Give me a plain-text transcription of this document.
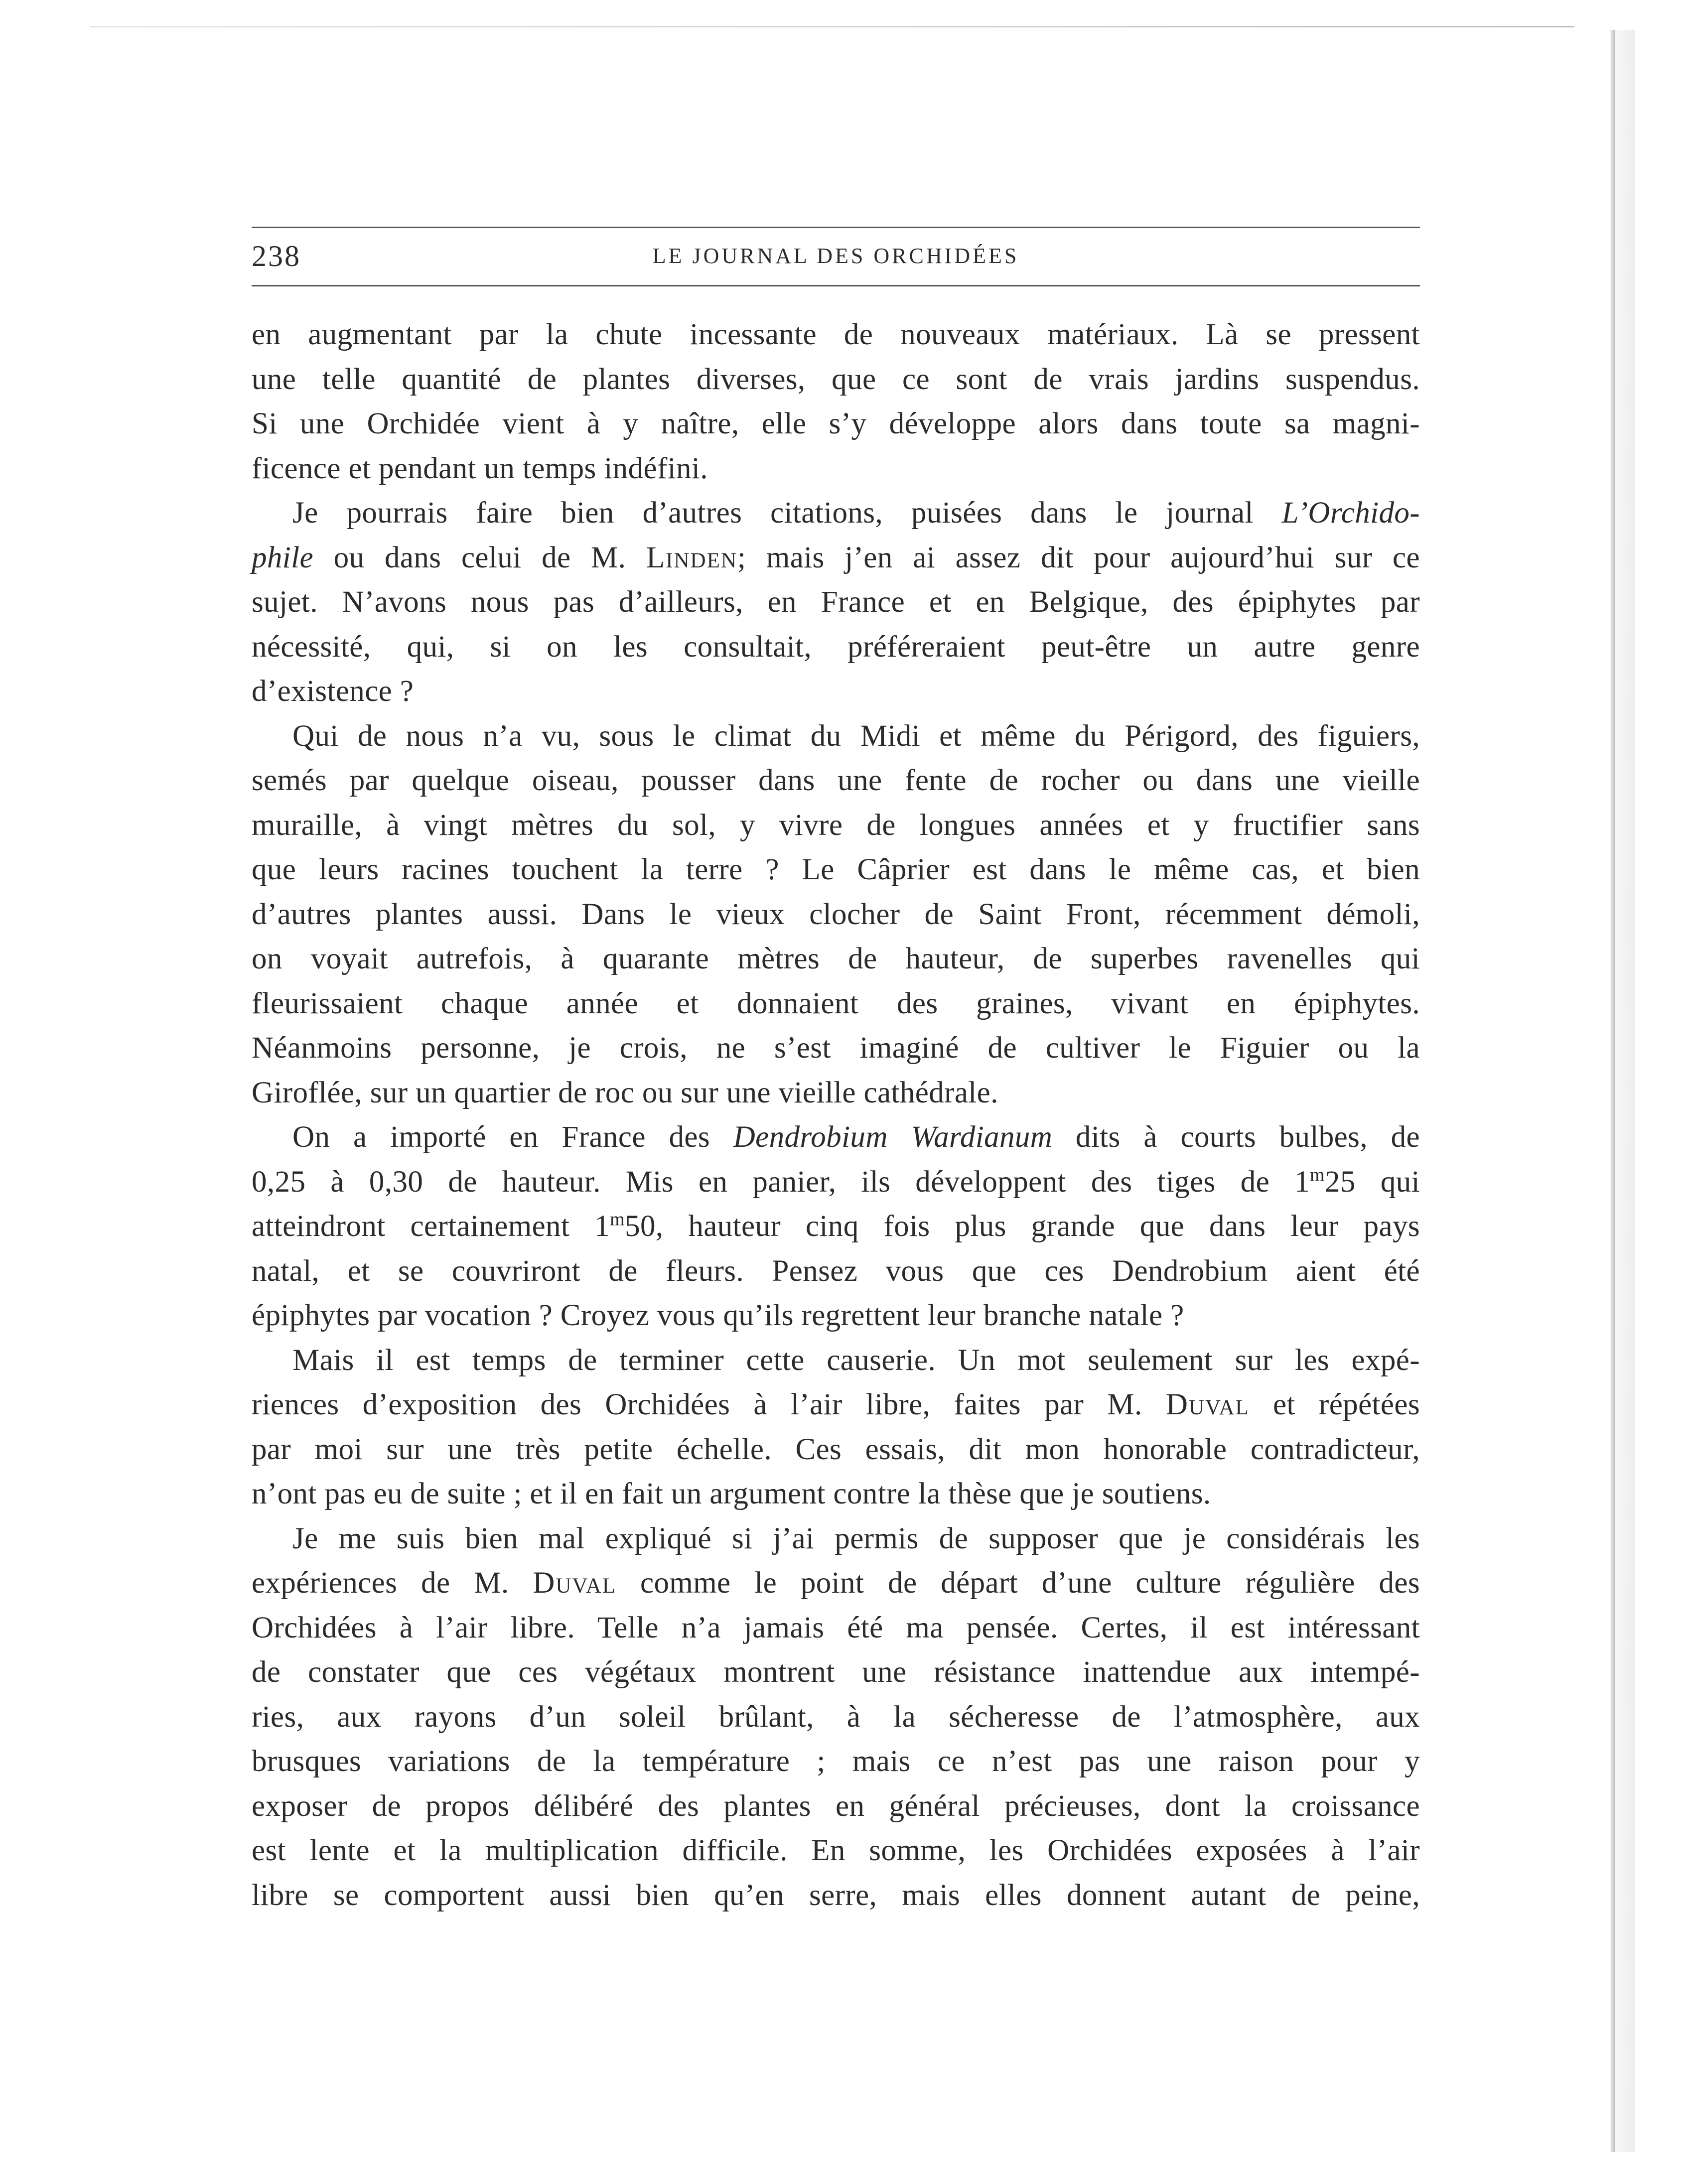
238	LE JOURNAL DES ORCHIDÉES
en augmentant par la chute incessante de nouveaux matériaux. Là se pressent
une telle quantité de plantes diverses, que ce sont de vrais jardins suspendus.
Si une Orchidée vient à y naître, elle s’y développe alors dans toute sa magni-
ficence et pendant un temps indéfini.
Je pourrais faire bien d’autres citations, puisées dans le journal L’Orchido-
phile ou dans celui de M. Linden; mais j’en ai assez dit pour aujourd’hui sur ce
sujet. N’avons nous pas d’ailleurs, en France et en Belgique, des épiphytes par
nécessité, qui, si on les consultait, préféreraient peut-être un autre genre
d’existence ?
Qui de nous n’a vu, sous le climat du Midi et même du Périgord, des figuiers,
semés par quelque oiseau, pousser dans une fente de rocher ou dans une vieille
muraille, à vingt mètres du sol, y vivre de longues années et y fructifier sans
que leurs racines touchent la terre ? Le Câprier est dans le même cas, et bien
d’autres plantes aussi. Dans le vieux clocher de Saint Front, récemment démoli,
on voyait autrefois, à quarante mètres de hauteur, de superbes ravenelles qui
fleurissaient chaque année et donnaient des graines, vivant en épiphytes.
Néanmoins personne, je crois, ne s’est imaginé de cultiver le Figuier ou la
Giroflée, sur un quartier de roc ou sur une vieille cathédrale.
On a importé en France des Dendrobium Wardianum dits à courts bulbes, de
0,25 à 0,30 de hauteur. Mis en panier, ils développent des tiges de 1$^m$25 qui
atteindront certainement 1$^m$50, hauteur cinq fois plus grande que dans leur pays
natal, et se couvriront de fleurs. Pensez vous que ces Dendrobium aient été
épiphytes par vocation ? Croyez vous qu’ils regrettent leur branche natale ?
Mais il est temps de terminer cette causerie. Un mot seulement sur les expé-
riences d’exposition des Orchidées à l’air libre, faites par M. Duval et répétées
par moi sur une très petite échelle. Ces essais, dit mon honorable contradicteur,
n’ont pas eu de suite ; et il en fait un argument contre la thèse que je soutiens.
Je me suis bien mal expliqué si j’ai permis de supposer que je considérais les
expériences de M. Duval comme le point de départ d’une culture régulière des
Orchidées à l’air libre. Telle n’a jamais été ma pensée. Certes, il est intéressant
de constater que ces végétaux montrent une résistance inattendue aux intempé-
ries, aux rayons d’un soleil brûlant, à la sécheresse de l’atmosphère, aux
brusques variations de la température ; mais ce n’est pas une raison pour y
exposer de propos délibéré des plantes en général précieuses, dont la croissance
est lente et la multiplication difficile. En somme, les Orchidées exposées à l’air
libre se comportent aussi bien qu’en serre, mais elles donnent autant de peine,
